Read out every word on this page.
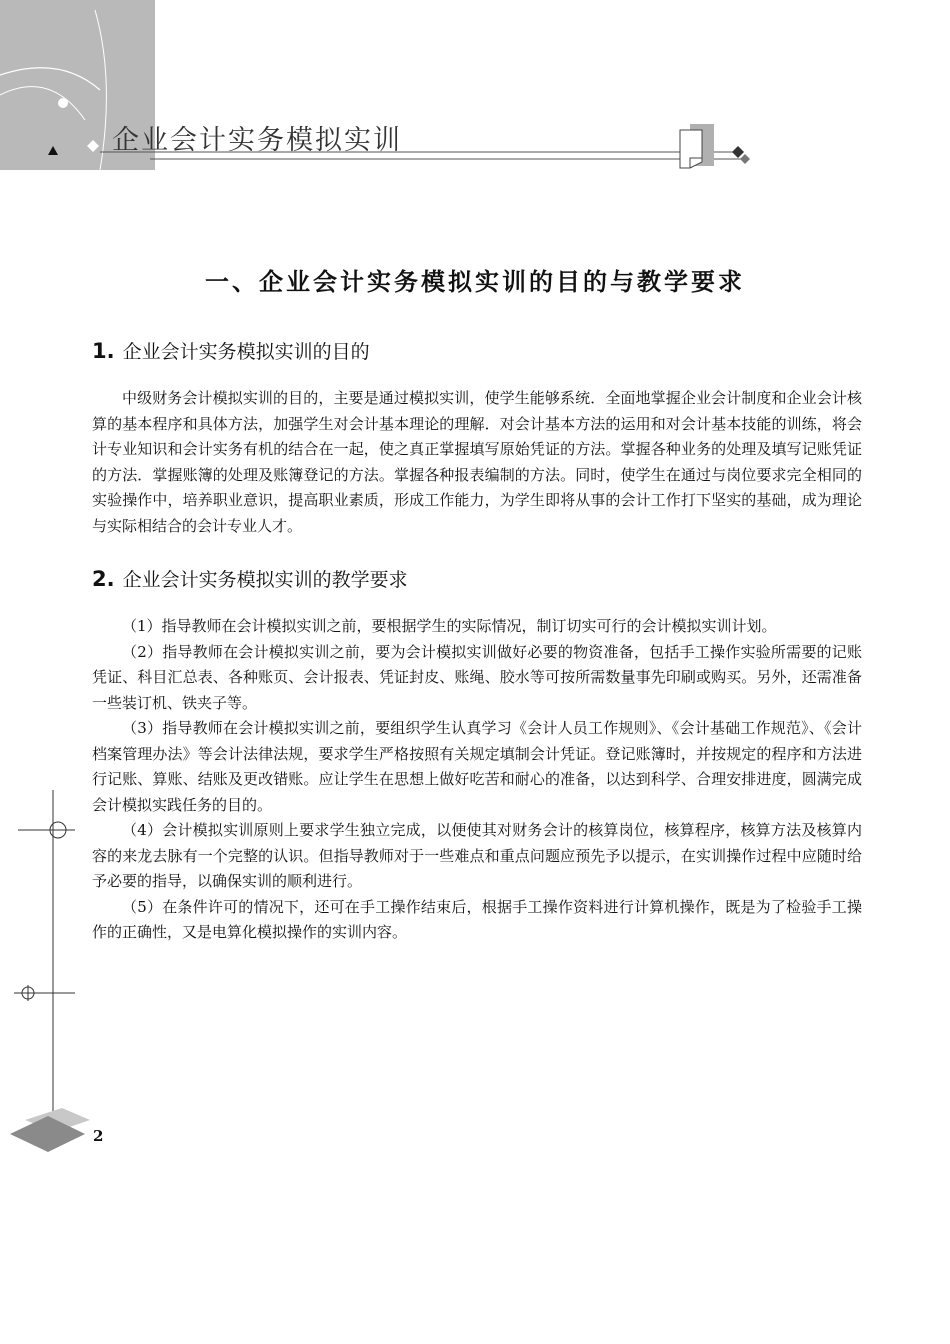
企业会计实务模拟实训
一、企业会计实务模拟实训的目的与教学要求
1. 企业会计实务模拟实训的目的

中级财务会计模拟实训的目的，主要是通过模拟实训，使学生能够系统．全面地掌握企业会计制度和企业会计核算的基本程序和具体方法，加强学生对会计基本理论的理解．对会计基本方法的运用和对会计基本技能的训练，将会计专业知识和会计实务有机的结合在一起，使之真正掌握填写原始凭证的方法。掌握各种业务的处理及填写记账凭证的方法．掌握账簿的处理及账簿登记的方法。掌握各种报表编制的方法。同时，使学生在通过与岗位要求完全相同的实验操作中，培养职业意识，提高职业素质，形成工作能力，为学生即将从事的会计工作打下坚实的基础，成为理论与实际相结合的会计专业人才。

2. 企业会计实务模拟实训的教学要求

（1）指导教师在会计模拟实训之前，要根据学生的实际情况，制订切实可行的会计模拟实训计划。

（2）指导教师在会计模拟实训之前，要为会计模拟实训做好必要的物资准备，包括手工操作实验所需要的记账凭证、科目汇总表、各种账页、会计报表、凭证封皮、账绳、胶水等可按所需数量事先印刷或购买。另外，还需准备一些装订机、铁夹子等。

（3）指导教师在会计模拟实训之前，要组织学生认真学习《会计人员工作规则》、《会计基础工作规范》、《会计档案管理办法》等会计法律法规，要求学生严格按照有关规定填制会计凭证。登记账簿时，并按规定的程序和方法进行记账、算账、结账及更改错账。应让学生在思想上做好吃苦和耐心的准备，以达到科学、合理安排进度，圆满完成会计模拟实践任务的目的。

（4）会计模拟实训原则上要求学生独立完成，以便使其对财务会计的核算岗位，核算程序，核算方法及核算内容的来龙去脉有一个完整的认识。但指导教师对于一些难点和重点问题应预先予以提示，在实训操作过程中应随时给予必要的指导，以确保实训的顺利进行。

（5）在条件许可的情况下，还可在手工操作结束后，根据手工操作资料进行计算机操作，既是为了检验手工操作的正确性，又是电算化模拟操作的实训内容。

2
